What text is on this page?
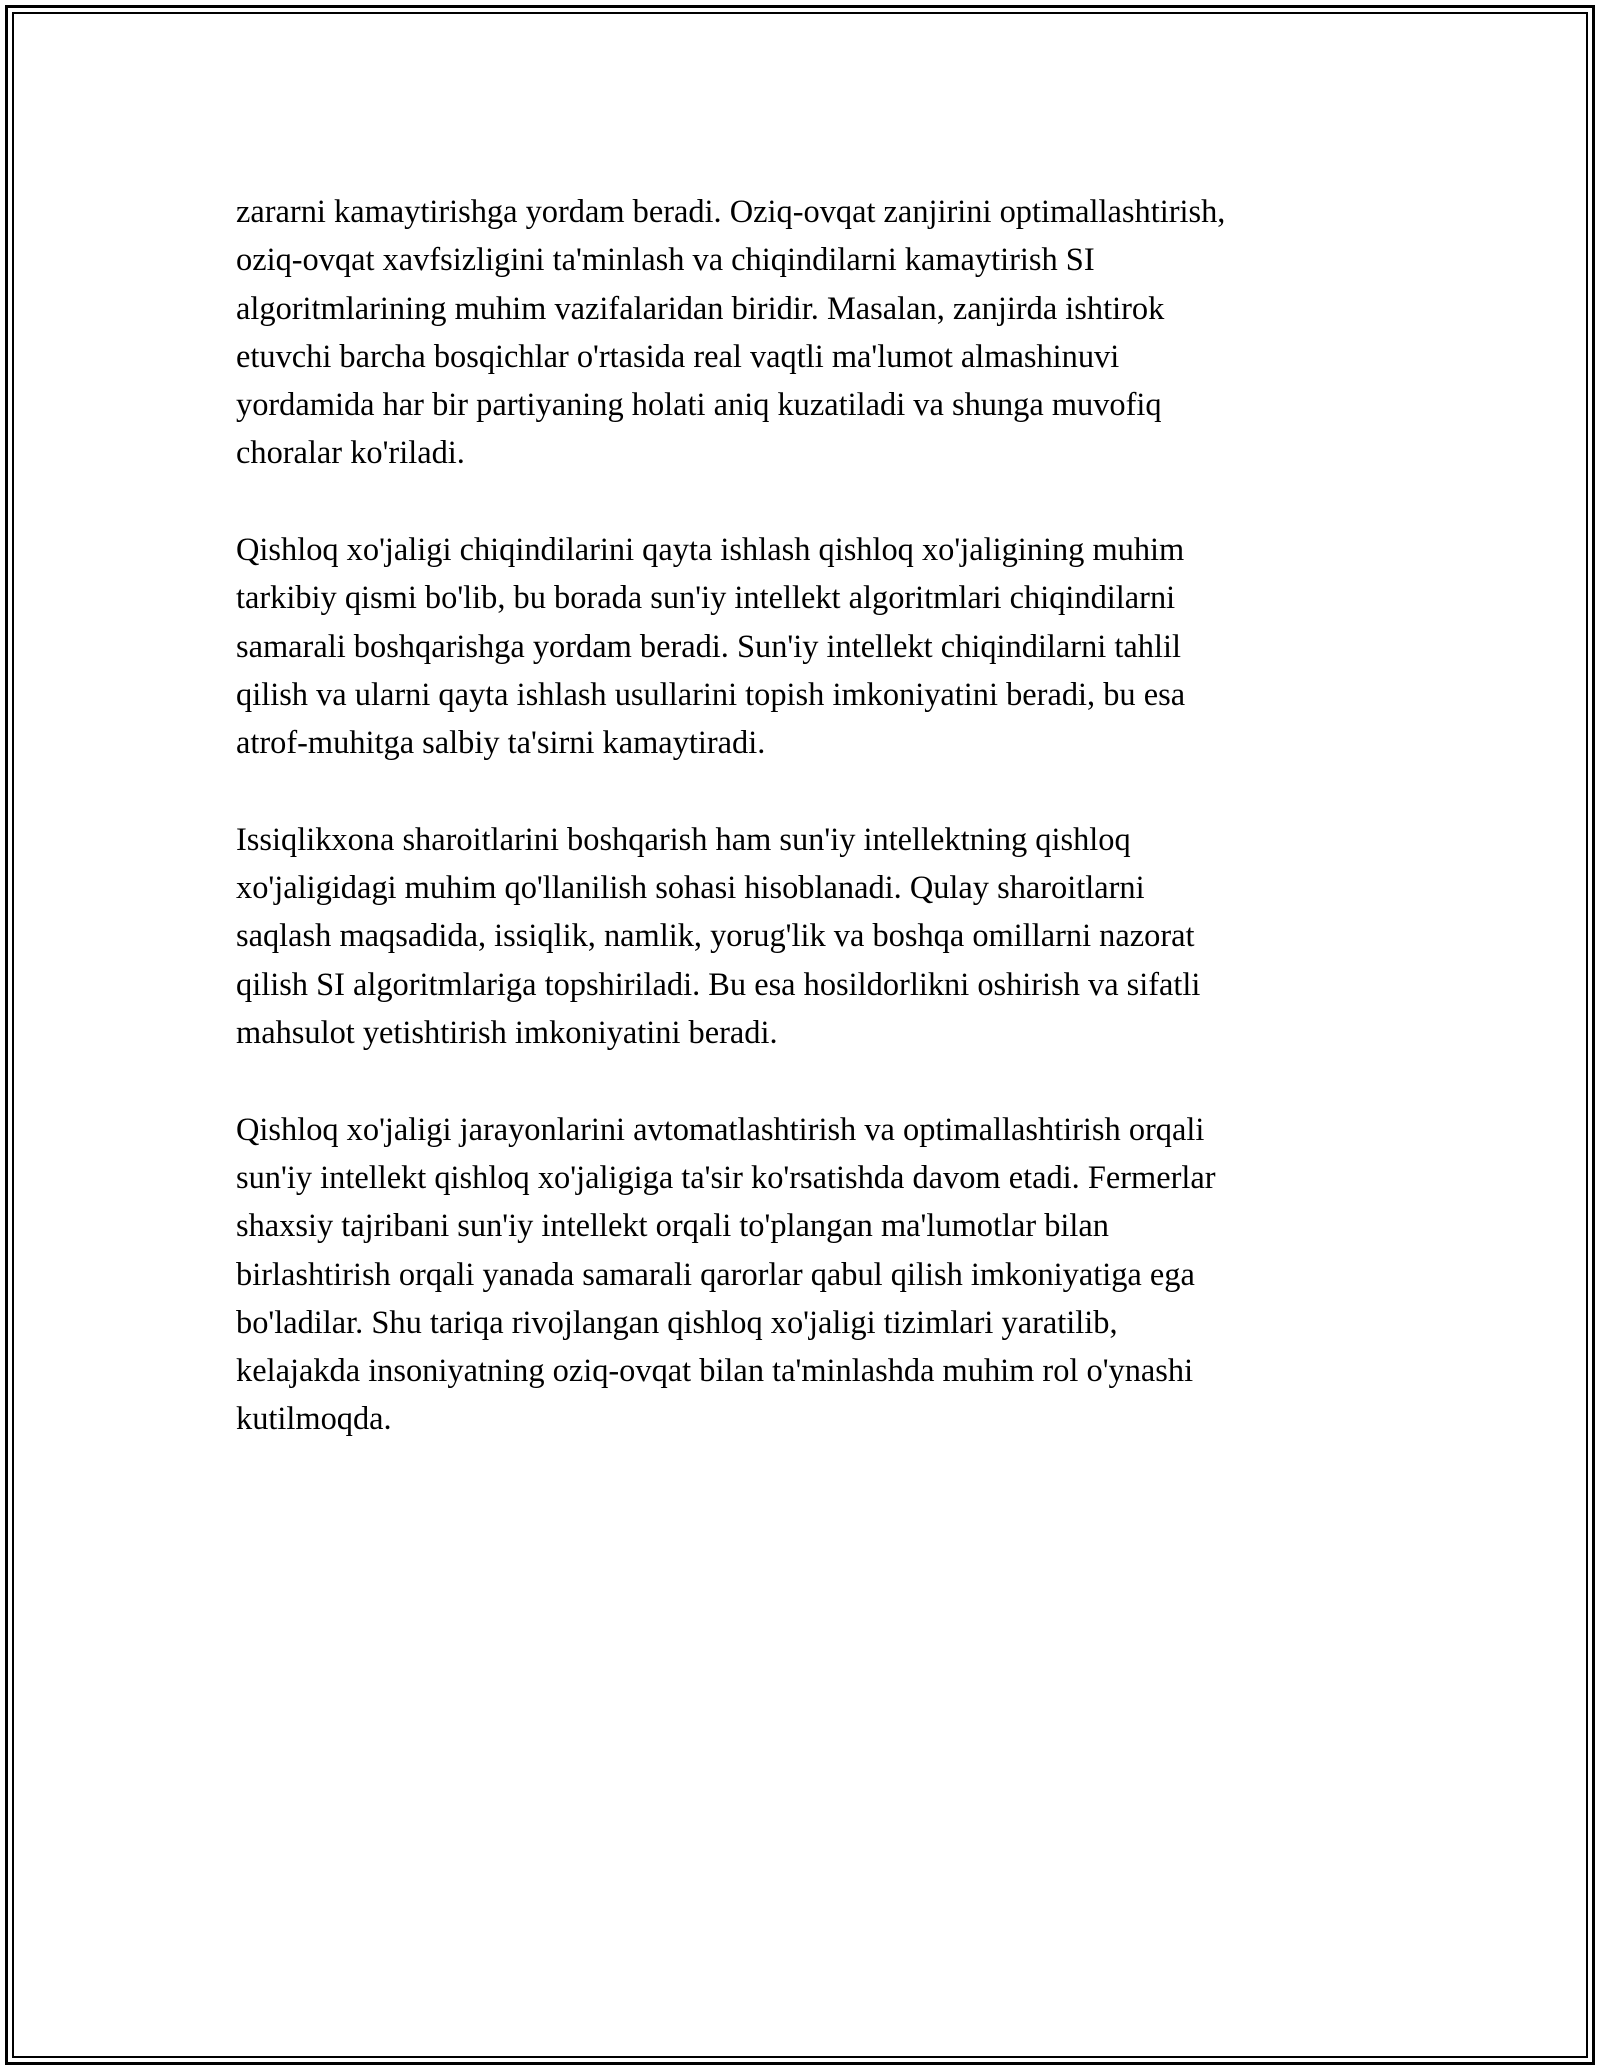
zararni kamaytirishga yordam beradi. Oziq-ovqat zanjirini optimallashtirish,
oziq-ovqat xavfsizligini ta'minlash va chiqindilarni kamaytirish SI
algoritmlarining muhim vazifalaridan biridir. Masalan, zanjirda ishtirok
etuvchi barcha bosqichlar o'rtasida real vaqtli ma'lumot almashinuvi
yordamida har bir partiyaning holati aniq kuzatiladi va shunga muvofiq
choralar ko'riladi.

Qishloq xo'jaligi chiqindilarini qayta ishlash qishloq xo'jaligining muhim
tarkibiy qismi bo'lib, bu borada sun'iy intellekt algoritmlari chiqindilarni
samarali boshqarishga yordam beradi. Sun'iy intellekt chiqindilarni tahlil
qilish va ularni qayta ishlash usullarini topish imkoniyatini beradi, bu esa
atrof-muhitga salbiy ta'sirni kamaytiradi.

Issiqlikxona sharoitlarini boshqarish ham sun'iy intellektning qishloq
xo'jaligidagi muhim qo'llanilish sohasi hisoblanadi. Qulay sharoitlarni
saqlash maqsadida, issiqlik, namlik, yorug'lik va boshqa omillarni nazorat
qilish SI algoritmlariga topshiriladi. Bu esa hosildorlikni oshirish va sifatli
mahsulot yetishtirish imkoniyatini beradi.

Qishloq xo'jaligi jarayonlarini avtomatlashtirish va optimallashtirish orqali
sun'iy intellekt qishloq xo'jaligiga ta'sir ko'rsatishda davom etadi. Fermerlar
shaxsiy tajribani sun'iy intellekt orqali to'plangan ma'lumotlar bilan
birlashtirish orqali yanada samarali qarorlar qabul qilish imkoniyatiga ega
bo'ladilar. Shu tariqa rivojlangan qishloq xo'jaligi tizimlari yaratilib,
kelajakda insoniyatning oziq-ovqat bilan ta'minlashda muhim rol o'ynashi
kutilmoqda.
